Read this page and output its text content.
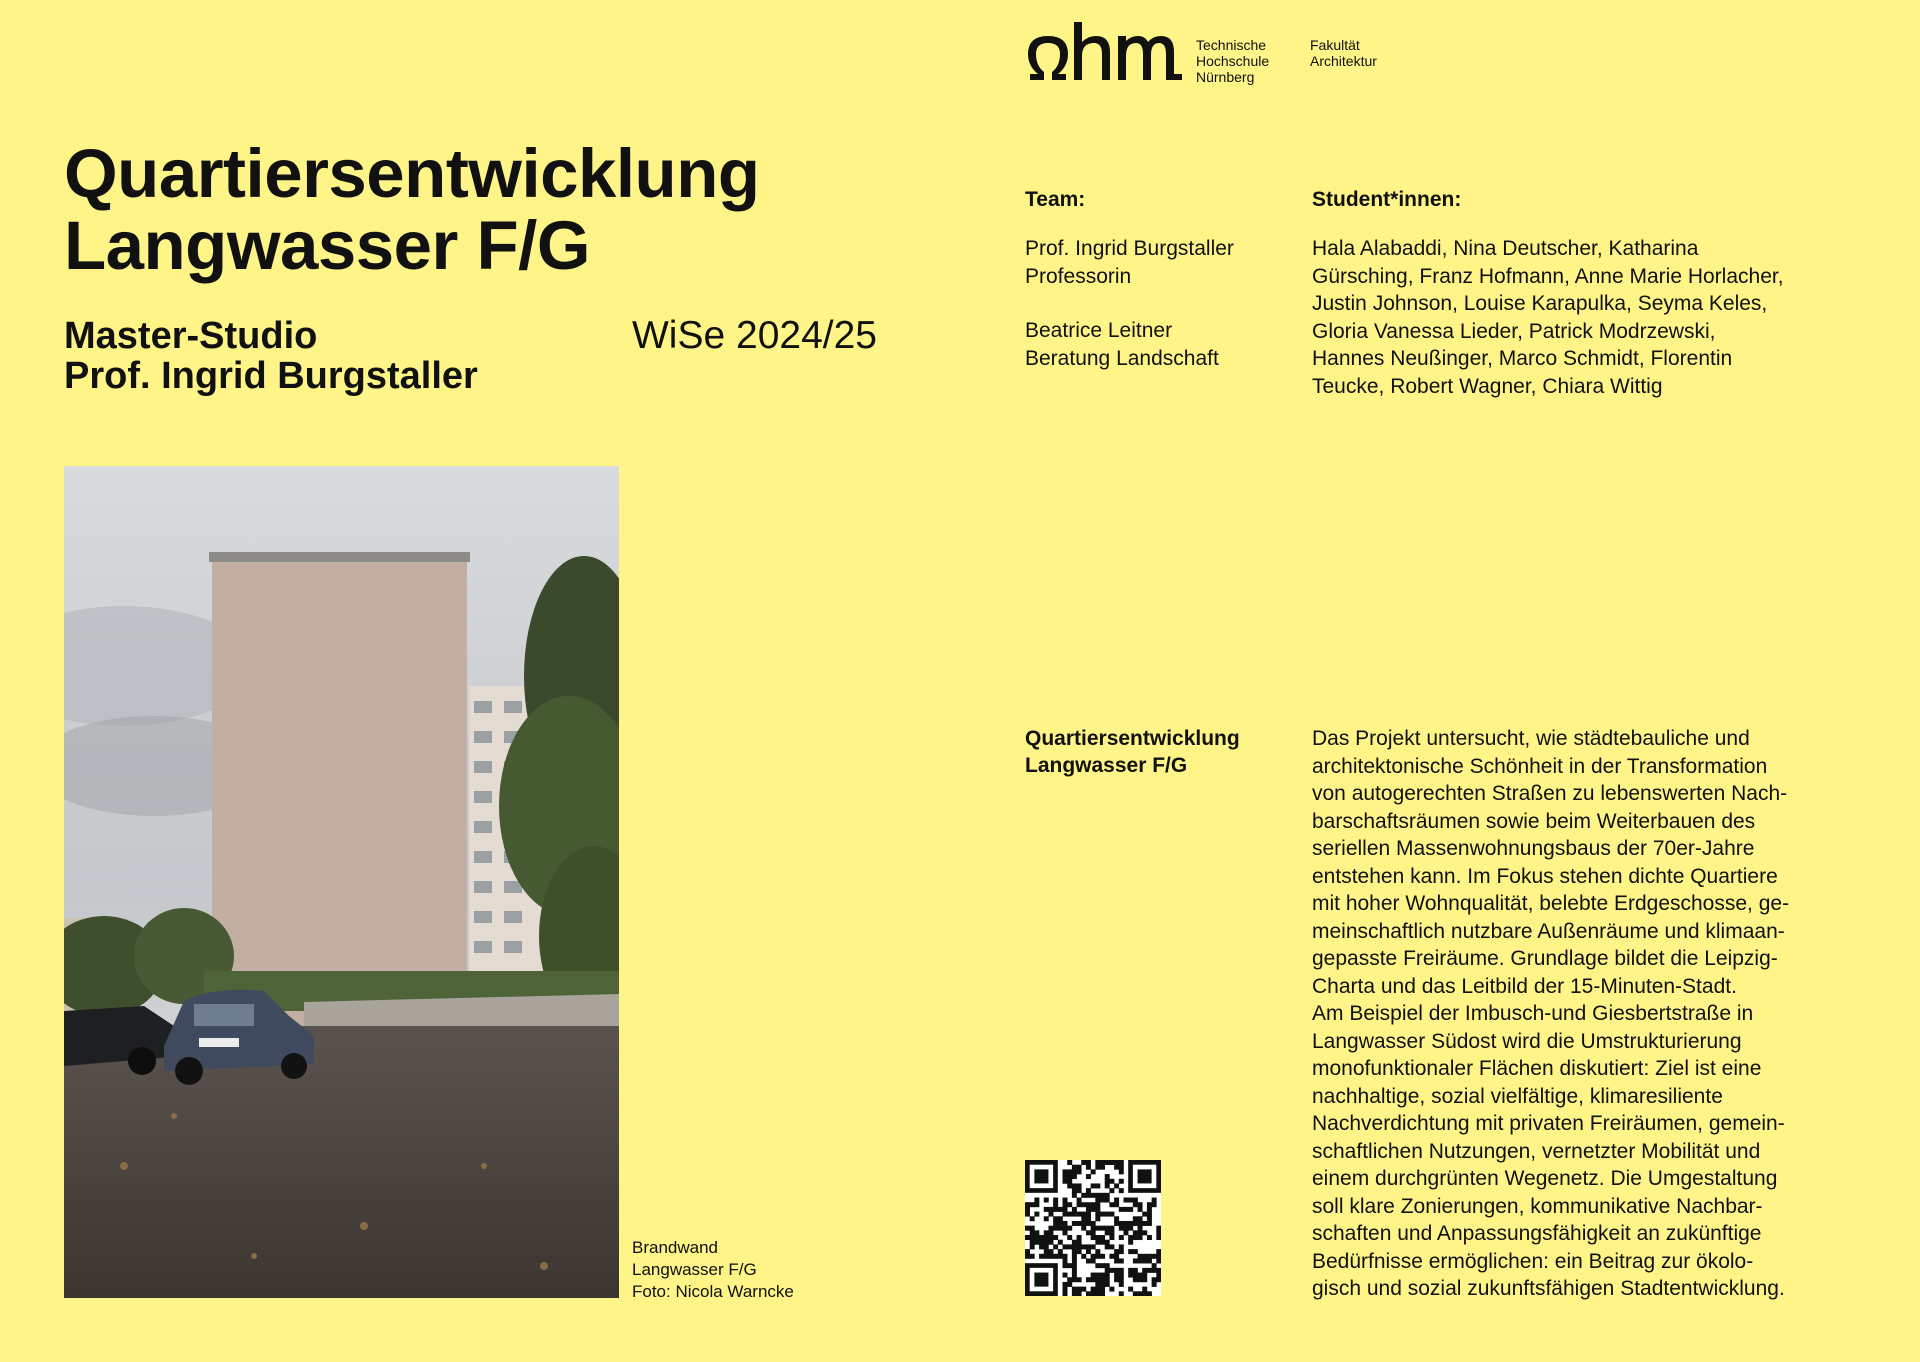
Quartiersentwicklung
Langwasser F/G
Master-Studio
Prof. Ingrid Burgstaller
WiSe 2024/25
Brandwand
Langwasser F/G
Foto: Nicola Warncke
Technische
Hochschule
Nürnberg
Fakultät
Architektur
Team:	Student*innen:
Prof. Ingrid Burgstaller
Professorin
Beatrice Leitner
Beratung Landschaft
Hala Alabaddi, Nina Deutscher, Katharina
Gürsching, Franz Hofmann, Anne Marie Horlacher,
Justin Johnson, Louise Karapulka, Seyma Keles,
Gloria Vanessa Lieder, Patrick Modrzewski,
Hannes Neußinger, Marco Schmidt, Florentin
Teucke, Robert Wagner, Chiara Wittig
Quartiersentwicklung
Langwasser F/G
Das Projekt untersucht, wie städtebauliche und
architektonische Schönheit in der Transformation
von autogerechten Straßen zu lebenswerten Nach-
barschaftsräumen sowie beim Weiterbauen des
seriellen Massenwohnungsbaus der 70er-Jahre
entstehen kann. Im Fokus stehen dichte Quartiere
mit hoher Wohnqualität, belebte Erdgeschosse, ge-
meinschaftlich nutzbare Außenräume und klimaan-
gepasste Freiräume. Grundlage bildet die Leipzig-
Charta und das Leitbild der 15-Minuten-Stadt.
Am Beispiel der Imbusch-und Giesbertstraße in
Langwasser Südost wird die Umstrukturierung
monofunktionaler Flächen diskutiert: Ziel ist eine
nachhaltige, sozial vielfältige, klimaresiliente
Nachverdichtung mit privaten Freiräumen, gemein-
schaftlichen Nutzungen, vernetzter Mobilität und
einem durchgrünten Wegenetz. Die Umgestaltung
soll klare Zonierungen, kommunikative Nachbar-
schaften und Anpassungsfähigkeit an zukünftige
Bedürfnisse ermöglichen: ein Beitrag zur ökolo-
gisch und sozial zukunftsfähigen Stadtentwicklung.
